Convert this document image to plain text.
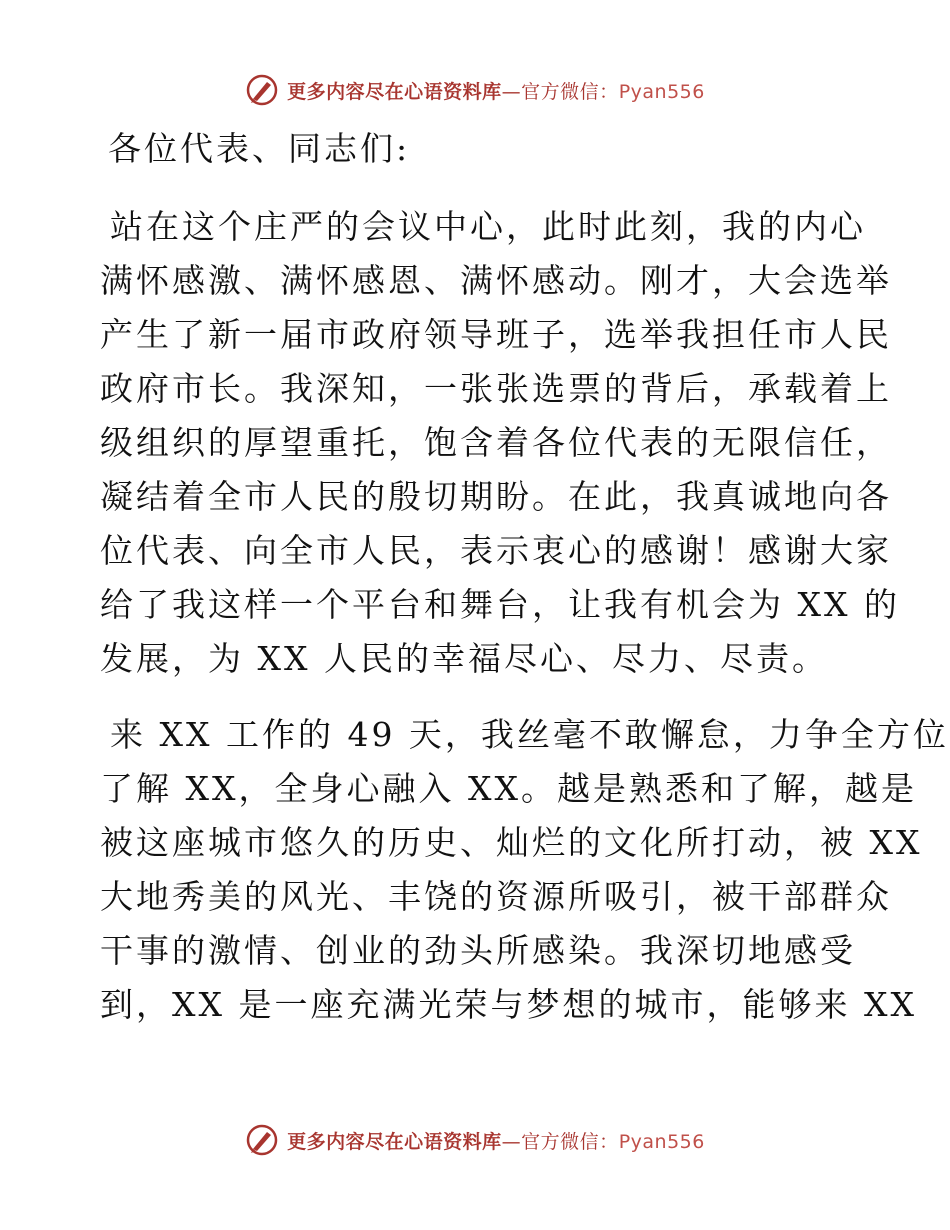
更多内容尽在心语资料库—官方微信：Pyan556
各位代表、同志们:
站在这个庄严的会议中心，此时此刻，我的内心
满怀感激、满怀感恩、满怀感动。刚才，大会选举
产生了新一届市政府领导班子，选举我担任市人民
政府市长。我深知，一张张选票的背后，承载着上
级组织的厚望重托，饱含着各位代表的无限信任，
凝结着全市人民的殷切期盼。在此，我真诚地向各
位代表、向全市人民，表示衷心的感谢！感谢大家
给了我这样一个平台和舞台，让我有机会为 XX 的
发展，为 XX 人民的幸福尽心、尽力、尽责。
来 XX 工作的 49 天，我丝毫不敢懈怠，力争全方位
了解 XX，全身心融入 XX。越是熟悉和了解，越是
被这座城市悠久的历史、灿烂的文化所打动，被 XX
大地秀美的风光、丰饶的资源所吸引，被干部群众
干事的激情、创业的劲头所感染。我深切地感受
到，XX 是一座充满光荣与梦想的城市，能够来 XX
更多内容尽在心语资料库—官方微信：Pyan556
